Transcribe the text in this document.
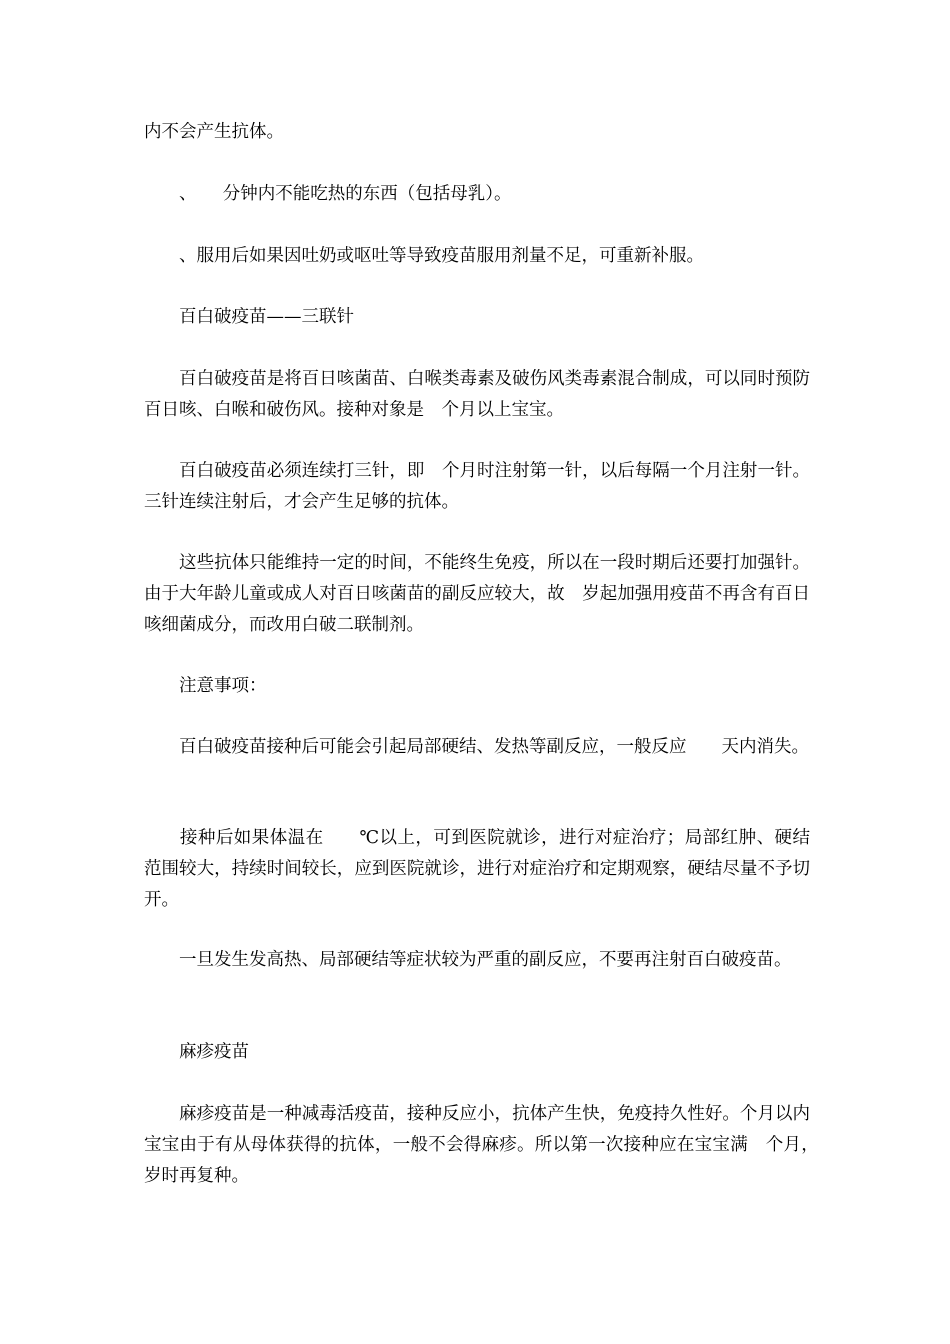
内不会产生抗体。

　　、　　分钟内不能吃热的东西（包括母乳）。

　　、服用后如果因吐奶或呕吐等导致疫苗服用剂量不足，可重新补服。

　　百白破疫苗——三联针

　　百白破疫苗是将百日咳菌苗、白喉类毒素及破伤风类毒素混合制成，可以同时预防百日咳、白喉和破伤风。接种对象是　个月以上宝宝。

　　百白破疫苗必须连续打三针，即　个月时注射第一针，以后每隔一个月注射一针。三针连续注射后，才会产生足够的抗体。

　　这些抗体只能维持一定的时间，不能终生免疫，所以在一段时期后还要打加强针。由于大年龄儿童或成人对百日咳菌苗的副反应较大，故　岁起加强用疫苗不再含有百日咳细菌成分，而改用白破二联制剂。

　　注意事项：

　　百白破疫苗接种后可能会引起局部硬结、发热等副反应，一般反应　　天内消失。

　　接种后如果体温在　　℃以上，可到医院就诊，进行对症治疗；局部红肿、硬结范围较大，持续时间较长，应到医院就诊，进行对症治疗和定期观察，硬结尽量不予切开。

　　一旦发生发高热、局部硬结等症状较为严重的副反应，不要再注射百白破疫苗。

　　麻疹疫苗

　　麻疹疫苗是一种减毒活疫苗，接种反应小，抗体产生快，免疫持久性好。个月以内宝宝由于有从母体获得的抗体，一般不会得麻疹。所以第一次接种应在宝宝满　个月，　岁时再复种。
